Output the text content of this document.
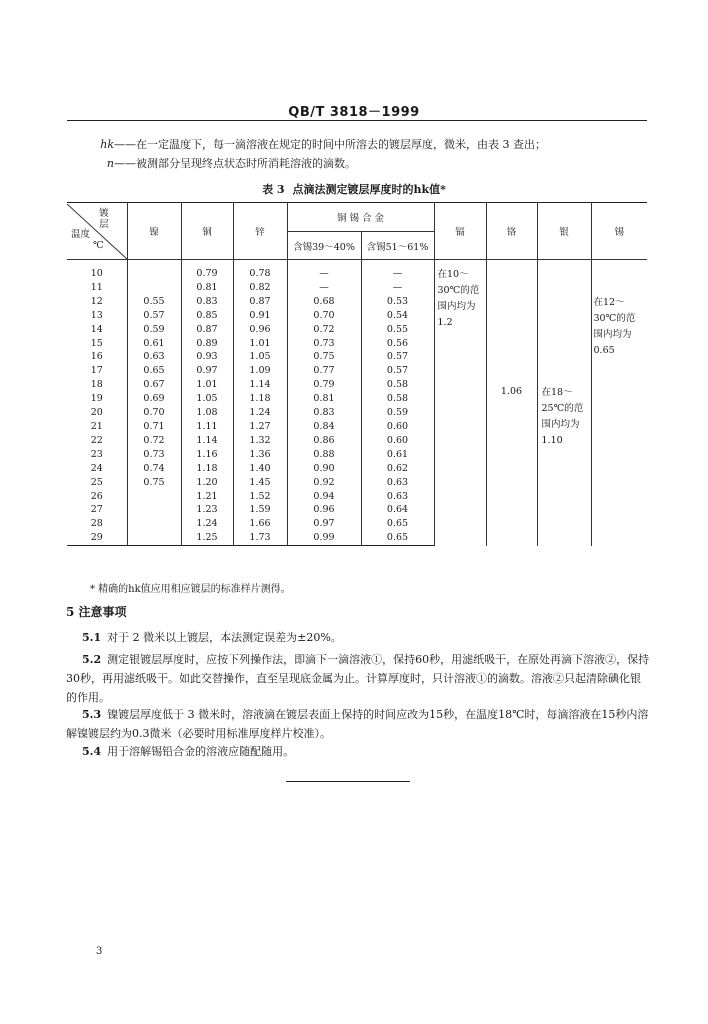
QB/T 3818－1999
hk——在一定温度下，每一滴溶液在规定的时间中所溶去的镀层厚度，微米，由表 3 查出；
n——被测部分呈现终点状态时所消耗溶液的滴数。
表 3 点滴法测定镀层厚度时的hk值*
镀层
温度
℃	镍	铜	锌	铜 锡 合 金		镉	铬	银	锡
				含锡39～40%	含锡51～61%				

10		0.79	0.78	—	—	在10～30℃的范围内均为1.2	1.06	在18～25℃的范围内均为1.10	在12～30℃的范围内均为0.65

11		0.81	0.82	—	—				
12	0.55	0.83	0.87	0.68	0.53				
13	0.57	0.85	0.91	0.70	0.54				
14	0.59	0.87	0.96	0.72	0.55				
15	0.61	0.89	1.01	0.73	0.56				
16	0.63	0.93	1.05	0.75	0.57				
17	0.65	0.97	1.09	0.77	0.57				
18	0.67	1.01	1.14	0.79	0.58				
19	0.69	1.05	1.18	0.81	0.58				
20	0.70	1.08	1.24	0.83	0.59				
21	0.71	1.11	1.27	0.84	0.60				
22	0.72	1.14	1.32	0.86	0.60				
23	0.73	1.16	1.36	0.88	0.61				
24	0.74	1.18	1.40	0.90	0.62				
25	0.75	1.20	1.45	0.92	0.63				
26		1.21	1.52	0.94	0.63				
27		1.23	1.59	0.96	0.64				
28		1.24	1.66	0.97	0.65				
29		1.25	1.73	0.99	0.65				
* 精确的hk值应用相应镀层的标准样片测得。
5 注意事项
5.1 对于 2 微米以上镀层，本法测定误差为±20%。
5.2 测定银镀层厚度时，应按下列操作法，即滴下一滴溶液①，保持60秒，用滤纸吸干，在原处再滴下溶液②，保持30秒，再用滤纸吸干。如此交替操作，直至呈现底金属为止。计算厚度时，只计溶液①的滴数。溶液②只起清除碘化银的作用。
5.3 镍镀层厚度低于 3 微米时，溶液滴在镀层表面上保持的时间应改为15秒，在温度18℃时，每滴溶液在15秒内溶解镍镀层约为0.3微米（必要时用标准厚度样片校准）。
5.4 用于溶解锡铅合金的溶液应随配随用。
3
